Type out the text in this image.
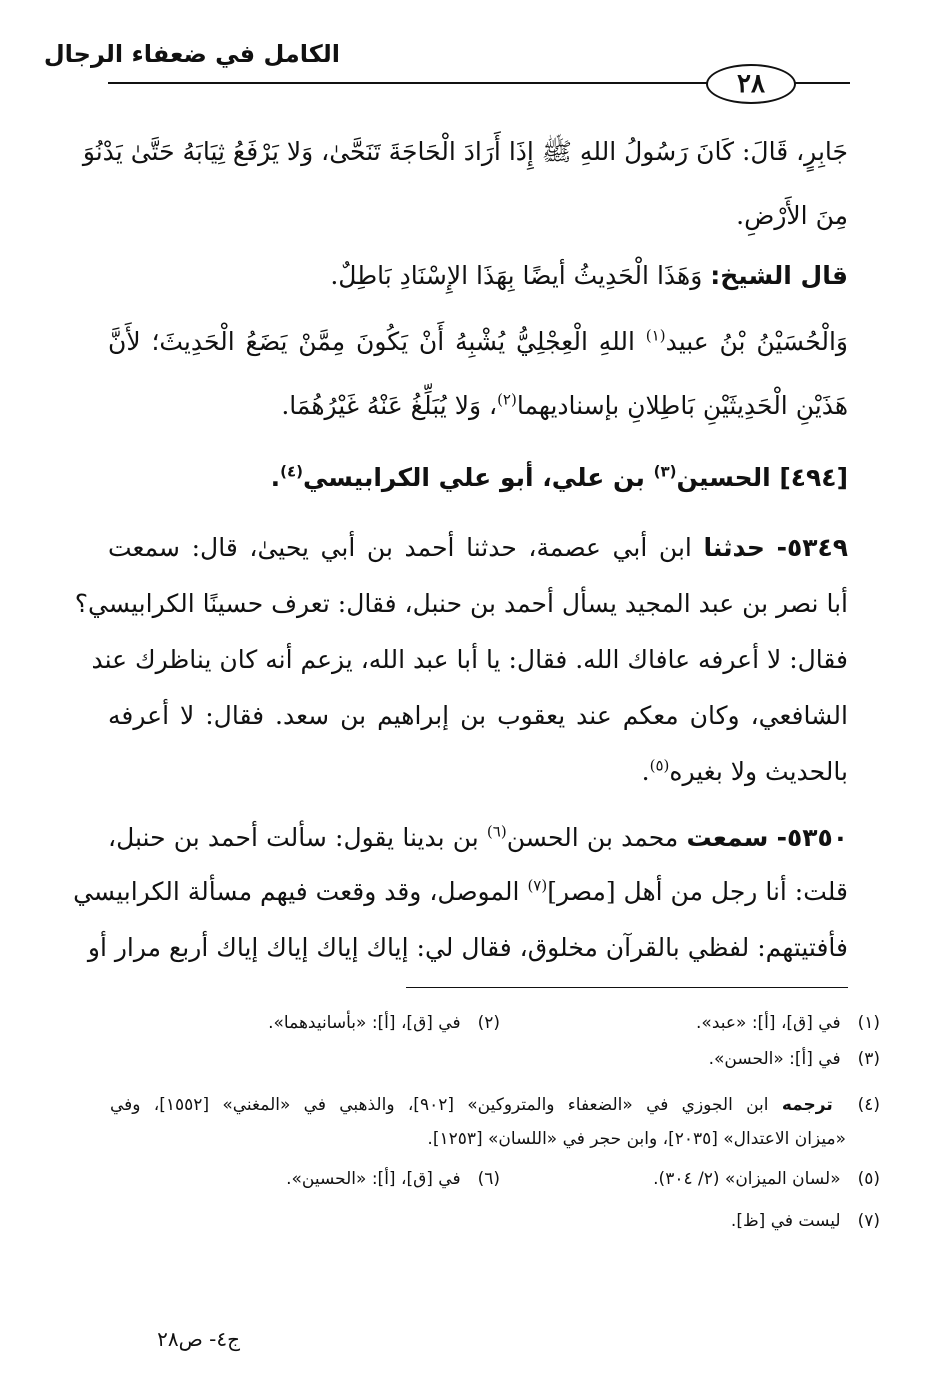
الكامل في ضعفاء الرجال
٢٨
جَابِرٍ، قَالَ: كَانَ رَسُولُ اللهِ ﷺ إِذَا أَرَادَ الْحَاجَةَ تَنَحَّىٰ، وَلا يَرْفَعُ ثِيَابَهُ حَتَّىٰ يَدْنُوَ
مِنَ الأَرْضِ.
قال الشيخ: وَهَذَا الْحَدِيثُ أيضًا بِهَذَا الإِسْنَادِ بَاطِلٌ.
وَالْحُسَيْنُ بْنُ عبيد$^{(١)}$ اللهِ الْعِجْلِيُّ يُشْبِهُ أَنْ يَكُونَ مِمَّنْ يَضَعُ الْحَدِيثَ؛ لأَنَّ
هَذَيْنِ الْحَدِيثَيْنِ بَاطِلانِ بإسناديهما$^{(٢)}$، وَلا يُبَلِّغُ عَنْهُ غَيْرُهُمَا.
[٤٩٤] الحسين$^{(٣)}$ بن علي، أبو علي الكرابيسي$^{(٤)}$.
٥٣٤٩- حدثنا ابن أبي عصمة، حدثنا أحمد بن أبي يحيىٰ، قال: سمعت
أبا نصر بن عبد المجيد يسأل أحمد بن حنبل، فقال: تعرف حسينًا الكرابيسي؟
فقال: لا أعرفه عافاك الله. فقال: يا أبا عبد الله، يزعم أنه كان يناظرك عند
الشافعي، وكان معكم عند يعقوب بن إبراهيم بن سعد. فقال: لا أعرفه
بالحديث ولا بغيره$^{(٥)}$.
٥٣٥٠- سمعت محمد بن الحسن$^{(٦)}$ بن بدينا يقول: سألت أحمد بن حنبل،
قلت: أنا رجل من أهل [مصر]$^{(٧)}$ الموصل، وقد وقعت فيهم مسألة الكرابيسي
فأفتيتهم: لفظي بالقرآن مخلوق، فقال لي: إياك إياك إياك إياك أربع مرار أو
(١) في [ق]، [أ]: «عبد».
(٢) في [ق]، [أ]: «بأسانيدهما».
(٣) في [أ]: «الحسن».
(٤) ترجمه ابن الجوزي في «الضعفاء والمتروكين» [٩٠٢]، والذهبي في «المغني» [١٥٥٢]، وفي
«ميزان الاعتدال» [٢٠٣٥]، وابن حجر في «اللسان» [١٢٥٣].
(٥) «لسان الميزان» (٢/ ٣٠٤).
(٦) في [ق]، [أ]: «الحسين».
(٧) ليست في [ظ].
ج٤- ص٢٨
